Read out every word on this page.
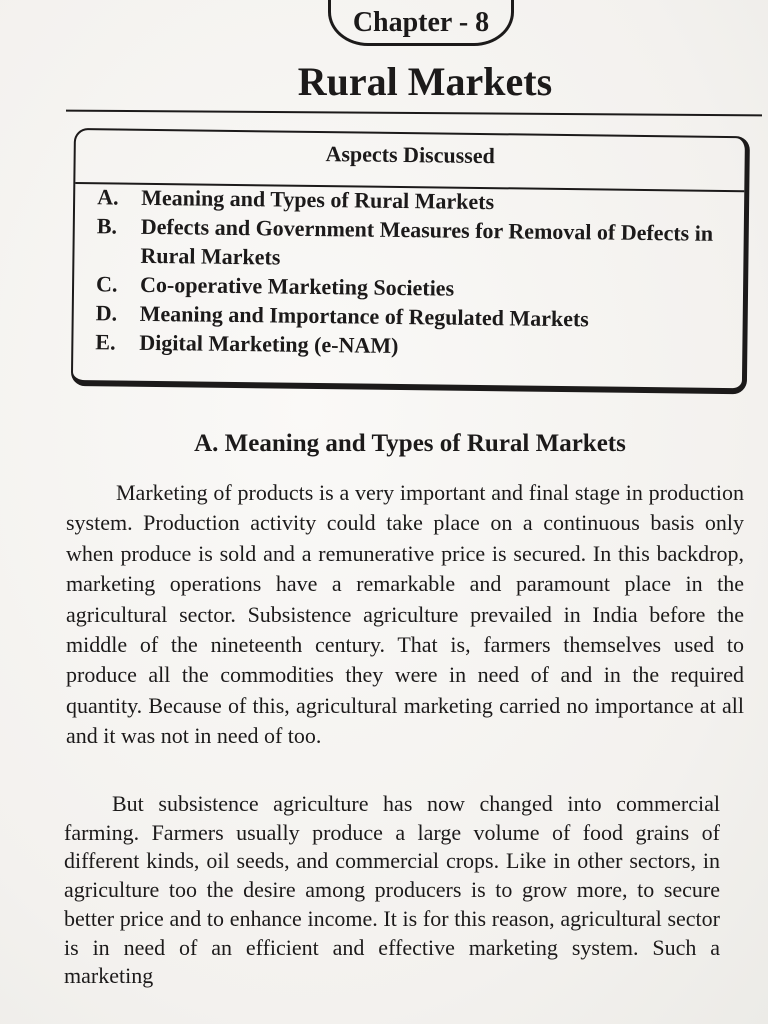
Chapter - 8
Rural Markets
Aspects Discussed
A.	Meaning and Types of Rural Markets
B.	Defects and Government Measures for Removal of Defects in Rural Markets
C.	Co-operative Marketing Societies
D.	Meaning and Importance of Regulated Markets
E.	Digital Marketing (e-NAM)
A. Meaning and Types of Rural Markets

Marketing of products is a very important and final stage in production system. Production activity could take place on a continuous basis only when produce is sold and a remunerative price is secured. In this backdrop, marketing operations have a remarkable and paramount place in the agricultural sector. Subsistence agriculture prevailed in India before the middle of the nineteenth century. That is, farmers themselves used to produce all the commodities they were in need of and in the required quantity. Because of this, agricultural marketing carried no importance at all and it was not in need of too.

But subsistence agriculture has now changed into commercial farming. Farmers usually produce a large volume of food grains of different kinds, oil seeds, and commercial crops. Like in other sectors, in agriculture too the desire among producers is to grow more, to secure better price and to enhance income. It is for this reason, agricultural sector is in need of an efficient and effective marketing system. Such a marketing
